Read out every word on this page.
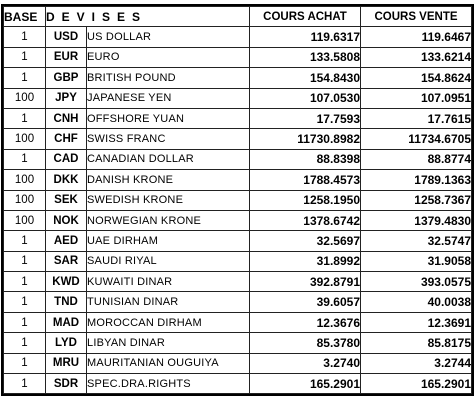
BASE	DEVISES		COURS ACHAT	COURS VENTE
1	USD	US DOLLAR	119.6317	119.6467
1	EUR	EURO	133.5808	133.6214
1	GBP	BRITISH POUND	154.8430	154.8624
100	JPY	JAPANESE YEN	107.0530	107.0951
1	CNH	OFFSHORE YUAN	17.7593	17.7615
100	CHF	SWISS FRANC	11730.8982	11734.6705
1	CAD	CANADIAN DOLLAR	88.8398	88.8774
100	DKK	DANISH KRONE	1788.4573	1789.1363
100	SEK	SWEDISH KRONE	1258.1950	1258.7367
100	NOK	NORWEGIAN KRONE	1378.6742	1379.4830
1	AED	UAE DIRHAM	32.5697	32.5747
1	SAR	SAUDI RIYAL	31.8992	31.9058
1	KWD	KUWAITI DINAR	392.8791	393.0575
1	TND	TUNISIAN DINAR	39.6057	40.0038
1	MAD	MOROCCAN DIRHAM	12.3676	12.3691
1	LYD	LIBYAN DINAR	85.3780	85.8175
1	MRU	MAURITANIAN OUGUIYA	3.2740	3.2744
1	SDR	SPEC.DRA.RIGHTS	165.2901	165.2901
